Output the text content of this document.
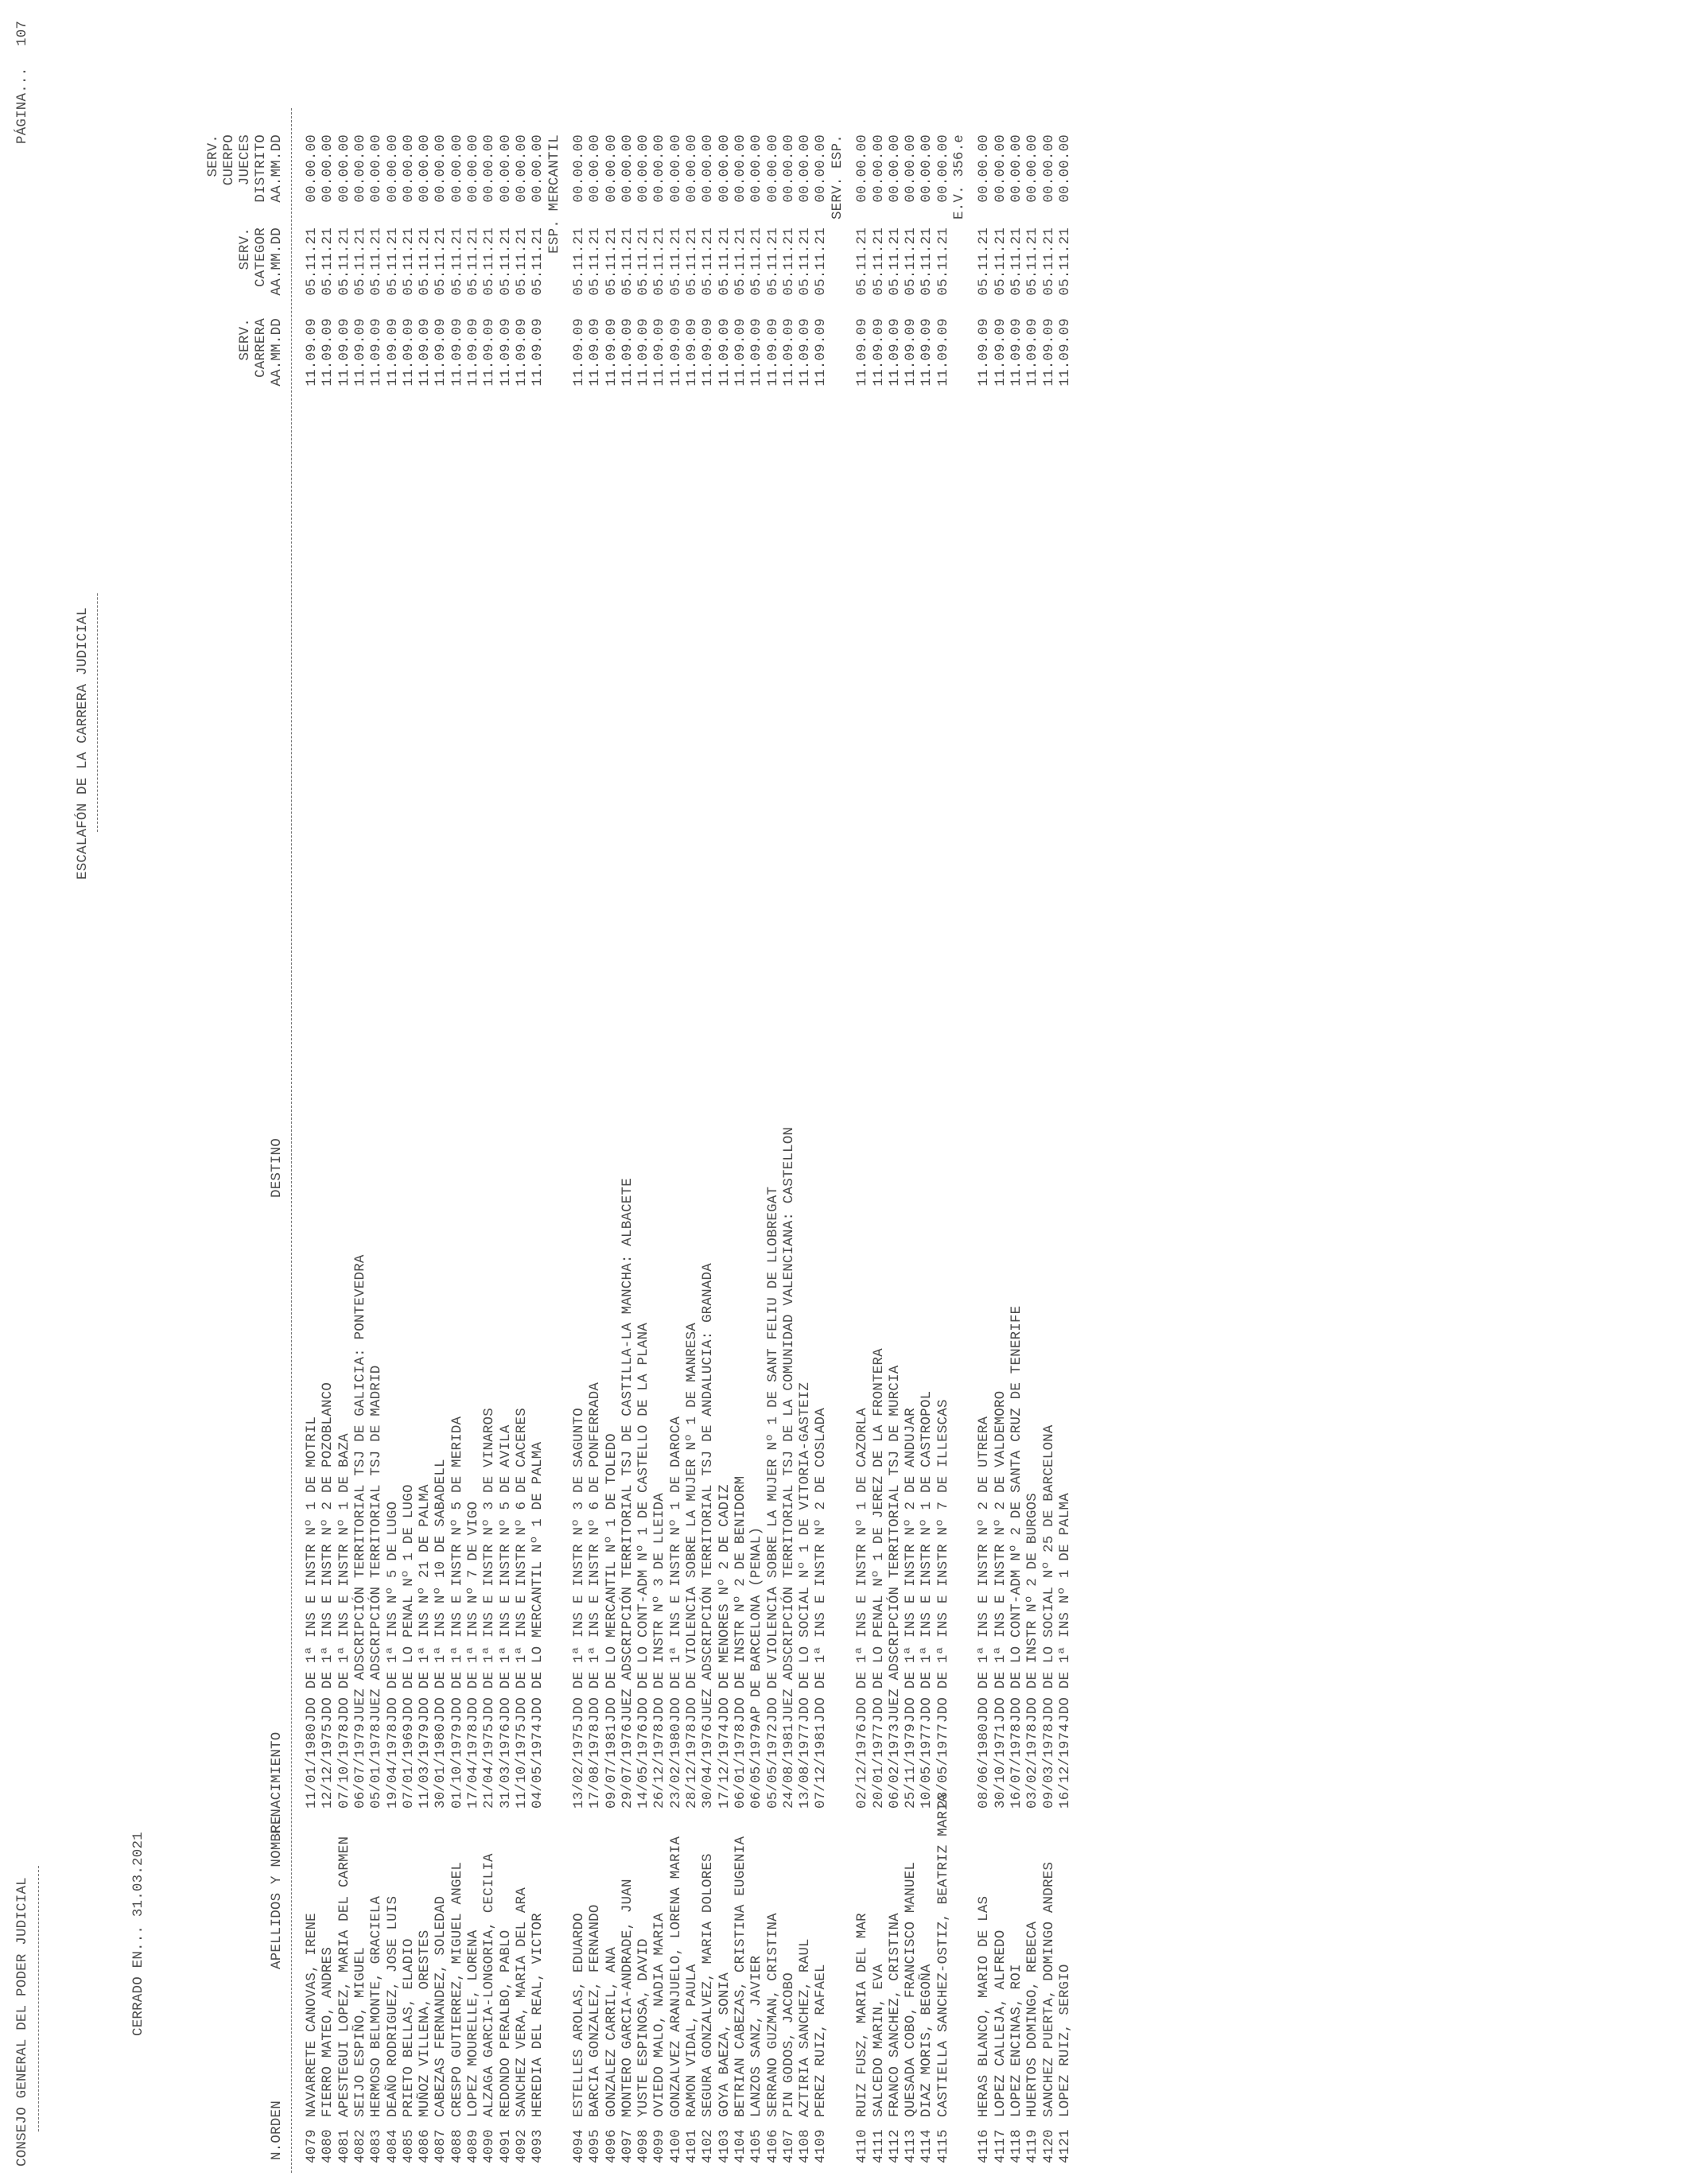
CONSEJO GENERAL DEL PODER JUDICIAL
PÁGINA...
107
ESCALAFÓN DE LA CARRERA JUDICIAL
CERRADO EN... 31.03.2021
N.ORDEN
APELLIDOS Y NOMBRE
F.NACIMIENTO
DESTINO
SERV. CARRERA AA.MM.DD
SERV. CATEGOR AA.MM.DD
SERV. CUERPO JUECES DISTRITO AA.MM.DD
4079
NAVARRETE CANOVAS, IRENE
11/01/1980
JDO DE 1ª INS E INSTR Nº 1 DE MOTRIL
11.09.09
05.11.21
00.00.00
4080
FIERRO MATEO, ANDRES
12/12/1975
JDO DE 1ª INS E INSTR Nº 2 DE POZOBLANCO
11.09.09
05.11.21
00.00.00
4081
APESTEGUI LOPEZ, MARIA DEL CARMEN
07/10/1978
JDO DE 1ª INS E INSTR Nº 1 DE BAZA
11.09.09
05.11.21
00.00.00
4082
SEIJO ESPIÑO, MIGUEL
06/07/1979
JUEZ ADSCRIPCIÓN TERRITORIAL TSJ DE GALICIA: PONTEVEDRA
11.09.09
05.11.21
00.00.00
4083
HERMOSO BELMONTE, GRACIELA
05/01/1978
JUEZ ADSCRIPCIÓN TERRITORIAL TSJ DE MADRID
11.09.09
05.11.21
00.00.00
4084
DEAÑO RODRIGUEZ, JOSE LUIS
19/04/1978
JDO DE 1ª INS Nº 5 DE LUGO
11.09.09
05.11.21
00.00.00
4085
PRIETO BELLAS, ELADIO
07/01/1969
JDO DE LO PENAL Nº 1 DE LUGO
11.09.09
05.11.21
00.00.00
4086
MUÑOZ VILLENA, ORESTES
11/03/1979
JDO DE 1ª INS Nº 21 DE PALMA
11.09.09
05.11.21
00.00.00
4087
CABEZAS FERNANDEZ, SOLEDAD
30/01/1980
JDO DE 1ª INS Nº 10 DE SABADELL
11.09.09
05.11.21
00.00.00
4088
CRESPO GUTIERREZ, MIGUEL ANGEL
01/10/1979
JDO DE 1ª INS E INSTR Nº 5 DE MERIDA
11.09.09
05.11.21
00.00.00
4089
LOPEZ MOURELLE, LORENA
17/04/1978
JDO DE 1ª INS Nº 7 DE VIGO
11.09.09
05.11.21
00.00.00
4090
ALZAGA GARCIA-LONGORIA, CECILIA
21/04/1975
JDO DE 1ª INS E INSTR Nº 3 DE VINAROS
11.09.09
05.11.21
00.00.00
4091
REDONDO PERALBO, PABLO
31/03/1976
JDO DE 1ª INS E INSTR Nº 5 DE AVILA
11.09.09
05.11.21
00.00.00
4092
SANCHEZ VERA, MARIA DEL ARA
11/10/1975
JDO DE 1ª INS E INSTR Nº 6 DE CACERES
11.09.09
05.11.21
00.00.00
4093
HEREDIA DEL REAL, VICTOR
04/05/1974
JDO DE LO MERCANTIL Nº 1 DE PALMA
11.09.09
05.11.21
00.00.00 ESP. MERCANTIL
4094
ESTELLES AROLAS, EDUARDO
13/02/1975
JDO DE 1ª INS E INSTR Nº 3 DE SAGUNTO
11.09.09
05.11.21
00.00.00
4095
BARCIA GONZALEZ, FERNANDO
17/08/1978
JDO DE 1ª INS E INSTR Nº 6 DE PONFERRADA
11.09.09
05.11.21
00.00.00
4096
GONZALEZ CARRIL, ANA
09/07/1981
JDO DE LO MERCANTIL Nº 1 DE TOLEDO
11.09.09
05.11.21
00.00.00
4097
MONTERO GARCIA-ANDRADE, JUAN
29/07/1976
JUEZ ADSCRIPCIÓN TERRITORIAL TSJ DE CASTILLA-LA MANCHA: ALBACETE
11.09.09
05.11.21
00.00.00
4098
YUSTE ESPINOSA, DAVID
14/05/1976
JDO DE LO CONT-ADM Nº 1 DE CASTELLO DE LA PLANA
11.09.09
05.11.21
00.00.00
4099
OVIEDO MALO, NADIA MARIA
26/12/1978
JDO DE INSTR Nº 3 DE LLEIDA
11.09.09
05.11.21
00.00.00
4100
GONZALVEZ ARANJUELO, LORENA MARIA
23/02/1980
JDO DE 1ª INS E INSTR Nº 1 DE DAROCA
11.09.09
05.11.21
00.00.00
4101
RAMON VIDAL, PAULA
28/12/1978
JDO DE VIOLENCIA SOBRE LA MUJER Nº 1 DE MANRESA
11.09.09
05.11.21
00.00.00
4102
SEGURA GONZALVEZ, MARIA DOLORES
30/04/1976
JUEZ ADSCRIPCIÓN TERRITORIAL TSJ DE ANDALUCIA: GRANADA
11.09.09
05.11.21
00.00.00
4103
GOYA BAEZA, SONIA
17/12/1974
JDO DE MENORES Nº 2 DE CADIZ
11.09.09
05.11.21
00.00.00
4104
BETRIAN CABEZAS, CRISTINA EUGENIA
06/01/1978
JDO DE INSTR Nº 2 DE BENIDORM
11.09.09
05.11.21
00.00.00
4105
LANZOS SANZ, JAVIER
06/05/1979
AP DE BARCELONA (PENAL)
11.09.09
05.11.21
00.00.00
4106
SERRANO GUZMAN, CRISTINA
05/05/1972
JDO DE VIOLENCIA SOBRE LA MUJER Nº 1 DE SANT FELIU DE LLOBREGAT
11.09.09
05.11.21
00.00.00
4107
PIN GODOS, JACOBO
24/08/1981
JUEZ ADSCRIPCIÓN TERRITORIAL TSJ DE LA COMUNIDAD VALENCIANA: CASTELLON
11.09.09
05.11.21
00.00.00
4108
AZTIRIA SANCHEZ, RAUL
13/08/1977
JDO DE LO SOCIAL Nº 1 DE VITORIA-GASTEIZ
11.09.09
05.11.21
00.00.00
4109
PEREZ RUIZ, RAFAEL
07/12/1981
JDO DE 1ª INS E INSTR Nº 2 DE COSLADA
11.09.09
05.11.21
00.00.00 SERV. ESP.
4110
RUIZ FUSZ, MARIA DEL MAR
02/12/1976
JDO DE 1ª INS E INSTR Nº 1 DE CAZORLA
11.09.09
05.11.21
00.00.00
4111
SALCEDO MARIN, EVA
20/01/1977
JDO DE LO PENAL Nº 1 DE JEREZ DE LA FRONTERA
11.09.09
05.11.21
00.00.00
4112
FRANCO SANCHEZ, CRISTINA
06/02/1973
JUEZ ADSCRIPCIÓN TERRITORIAL TSJ DE MURCIA
11.09.09
05.11.21
00.00.00
4113
QUESADA COBO, FRANCISCO MANUEL
25/11/1979
JDO DE 1ª INS E INSTR Nº 2 DE ANDUJAR
11.09.09
05.11.21
00.00.00
4114
DIAZ MORIS, BEGOÑA
10/05/1977
JDO DE 1ª INS E INSTR Nº 1 DE CASTROPOL
11.09.09
05.11.21
00.00.00
4115
CASTIELLA SANCHEZ-OSTIZ, BEATRIZ MARIA
23/05/1977
JDO DE 1ª INS E INSTR Nº 7 DE ILLESCAS
11.09.09
05.11.21
00.00.00 E.V. 356.e
4116
HERAS BLANCO, MARIO DE LAS
08/06/1980
JDO DE 1ª INS E INSTR Nº 2 DE UTRERA
11.09.09
05.11.21
00.00.00
4117
LOPEZ CALLEJA, ALFREDO
30/10/1971
JDO DE 1ª INS E INSTR Nº 2 DE VALDEMORO
11.09.09
05.11.21
00.00.00
4118
LOPEZ ENCINAS, ROI
16/07/1978
JDO DE LO CONT-ADM Nº 2 DE SANTA CRUZ DE TENERIFE
11.09.09
05.11.21
00.00.00
4119
HUERTOS DOMINGO, REBECA
03/02/1978
JDO DE INSTR Nº 2 DE BURGOS
11.09.09
05.11.21
00.00.00
4120
SANCHEZ PUERTA, DOMINGO ANDRES
09/03/1978
JDO DE LO SOCIAL Nº 25 DE BARCELONA
11.09.09
05.11.21
00.00.00
4121
LOPEZ RUIZ, SERGIO
16/12/1974
JDO DE 1ª INS Nº 1 DE PALMA
11.09.09
05.11.21
00.00.00
